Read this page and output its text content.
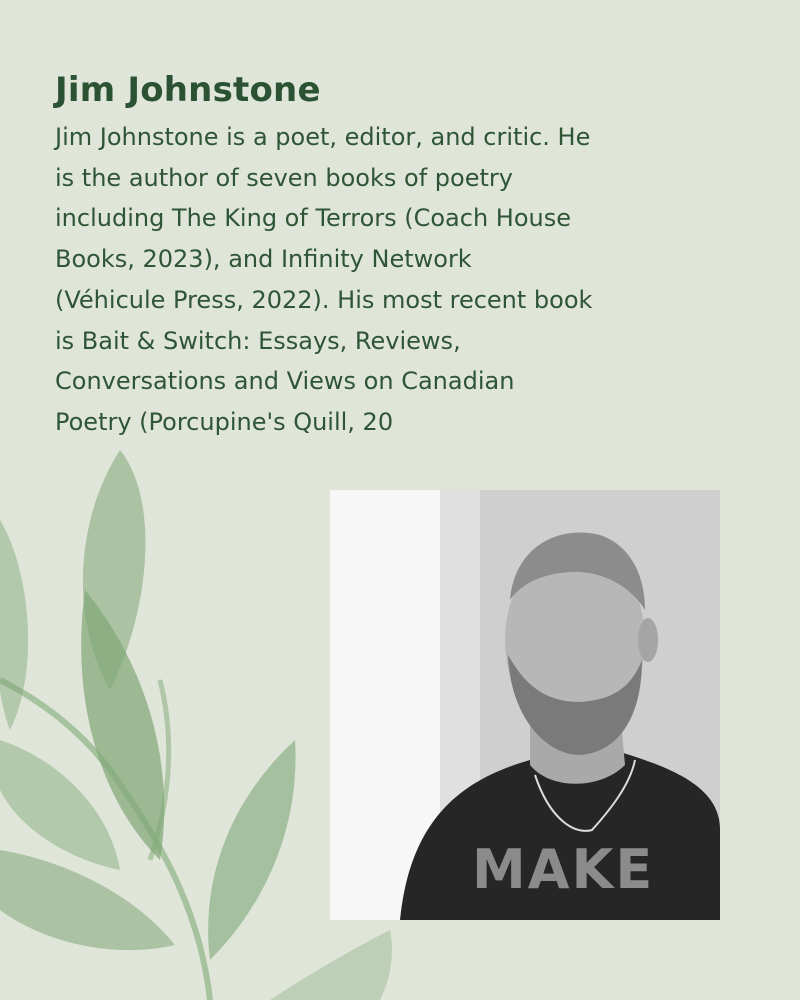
Jim Johnstone

Jim Johnstone is a poet, editor, and critic. He
is the author of seven books of poetry
including The King of Terrors (Coach House
Books, 2023), and Infinity Network
(Véhicule Press, 2022). His most recent book
is Bait & Switch: Essays, Reviews,
Conversations and Views on Canadian
Poetry (Porcupine's Quill, 20

MAKE
